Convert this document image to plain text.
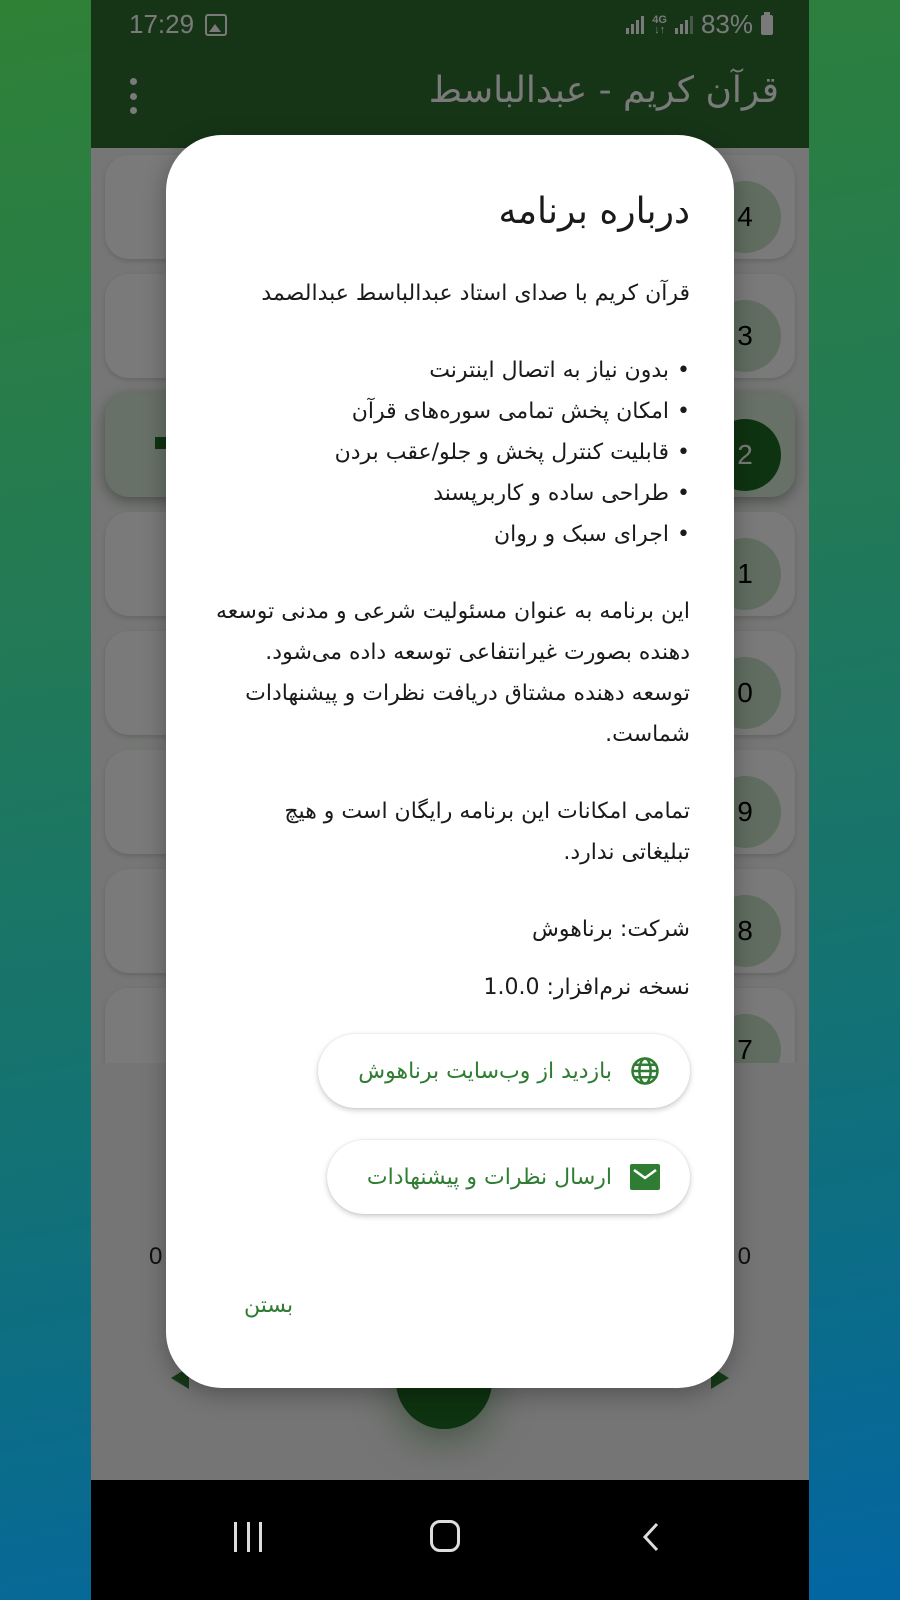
درباره برنامه

قرآن کریم با صدای استاد عبدالباسط عبدالصمد

• بدون نیاز به اتصال اینترنت
• امکان پخش تمامی سوره‌های قرآن
• قابلیت کنترل پخش و جلو/عقب بردن
• طراحی ساده و کاربرپسند
• اجرای سبک و روان

این برنامه به عنوان مسئولیت شرعی و مدنی توسعه دهنده بصورت غیرانتفاعی توسعه داده می‌شود. توسعه دهنده مشتاق دریافت نظرات و پیشنهادات شماست.

تمامی امکانات این برنامه رایگان است و هیچ تبلیغاتی ندارد.

شرکت: برناهوش

نسخه نرم‌افزار: 1.0.0

بازدید از وب‌سایت برناهوش
ارسال نظرات و پیشنهادات
بستن
